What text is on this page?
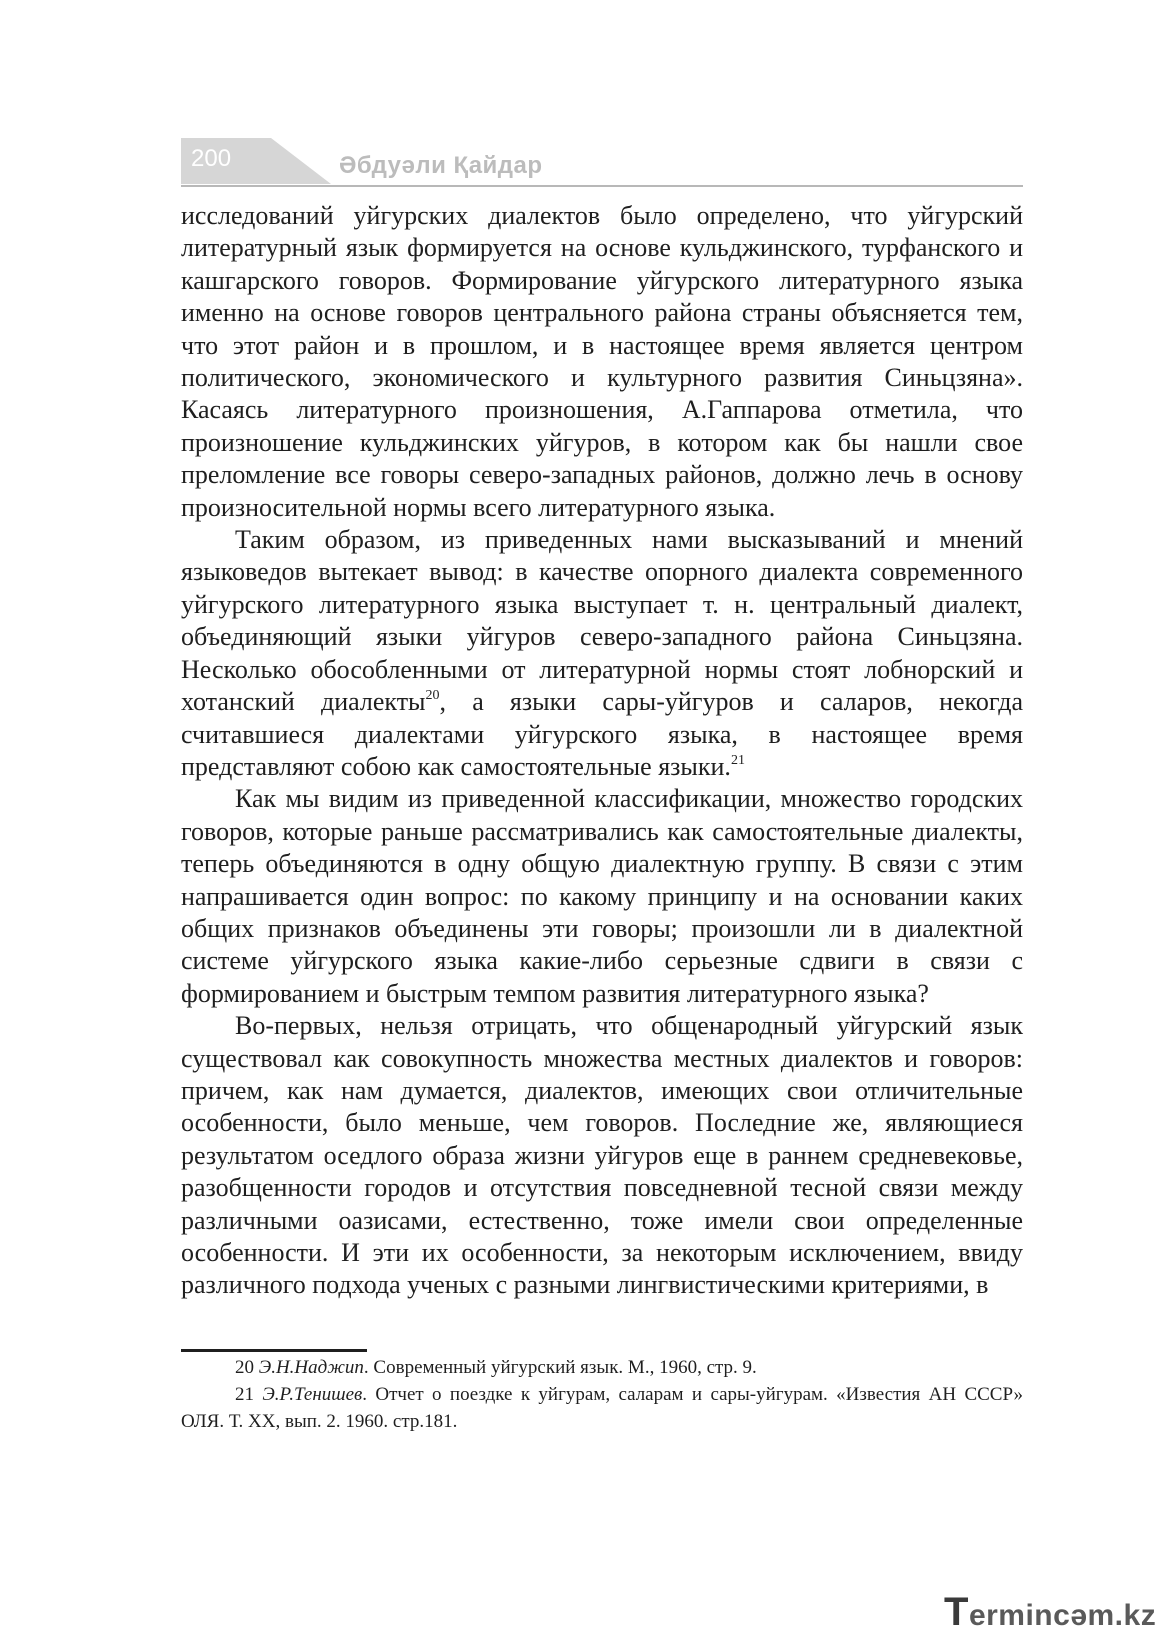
200	Әбдуәли Қайдар

исследований уйгурских диалектов было определено, что уйгурский литературный язык формируется на основе кульджинского, турфанского и кашгарского говоров. Формирование уйгурского литературного языка именно на основе говоров центрального района страны объясняется тем, что этот район и в прошлом, и в настоящее время является центром политического, экономического и культурного развития Синьцзяна». Касаясь литературного произношения, А.Гаппарова отметила, что произношение кульджинских уйгуров, в котором как бы нашли свое преломление все говоры северо-западных районов, должно лечь в основу произносительной нормы всего литературного языка.

Таким образом, из приведенных нами высказываний и мнений языковедов вытекает вывод: в качестве опорного диалекта современного уйгурского литературного языка выступает т. н. центральный диалект, объединяющий языки уйгуров северо-западного района Синьцзяна. Несколько обособленными от литературной нормы стоят лобнорский и хотанский диалекты$^{20}$, а языки сары-уйгуров и саларов, некогда считавшиеся диалектами уйгурского языка, в настоящее время представляют собою как самостоятельные языки.$^{21}$

Как мы видим из приведенной классификации, множество городских говоров, которые раньше рассматривались как самостоятельные диалекты, теперь объединяются в одну общую диалектную группу. В связи с этим напрашивается один вопрос: по какому принципу и на основании каких общих признаков объединены эти говоры; произошли ли в диалектной системе уйгурского языка какие-либо серьезные сдвиги в связи с формированием и быстрым темпом развития литературного языка?

Во-первых, нельзя отрицать, что общенародный уйгурский язык существовал как совокупность множества местных диалектов и говоров: причем, как нам думается, диалектов, имеющих свои отличительные особенности, было меньше, чем говоров. Последние же, являющиеся результатом оседлого образа жизни уйгуров еще в раннем средневековье, разобщенности городов и отсутствия повседневной тесной связи между различными оазисами, естественно, тоже имели свои определенные особенности. И эти их особенности, за некоторым исключением, ввиду различного подхода ученых с разными лингвистическими критериями, в

20 Э.Н.Наджип. Современный уйгурский язык. М., 1960, стр. 9.

21 Э.Р.Тенишев. Отчет о поездке к уйгурам, саларам и сары-уйгурам. «Известия АН СССР» ОЛЯ. Т. ХХ, вып. 2. 1960. стр.181.

Termincәm.kz
